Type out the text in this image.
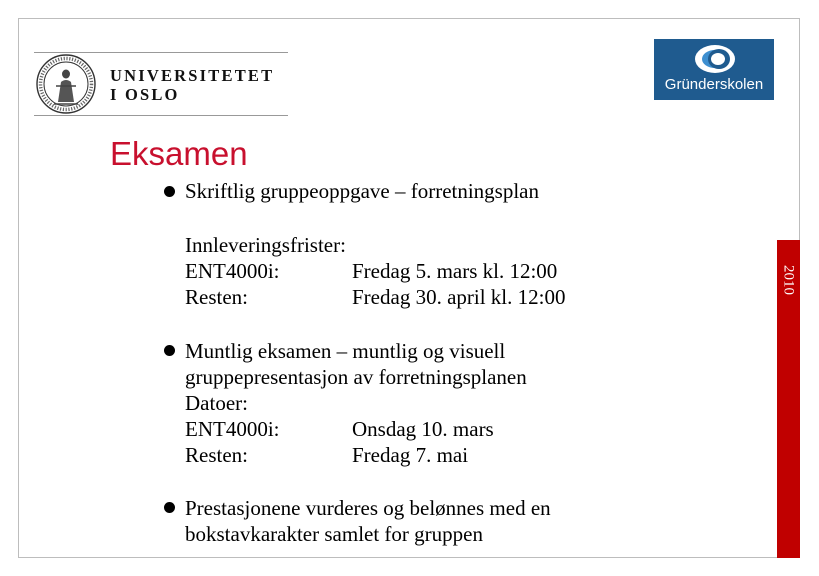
UNIVERSITETET
I OSLO
Gründerskolen
Eksamen
2010
Skriftlig gruppeoppgave – forretningsplan
Innleveringsfrister:
ENT4000i:	Fredag 5. mars kl. 12:00
Resten:	Fredag 30. april kl. 12:00
Muntlig eksamen – muntlig og visuell
gruppepresentasjon av forretningsplanen
Datoer:
ENT4000i:	Onsdag 10. mars
Resten:	Fredag 7. mai
Prestasjonene vurderes og belønnes med en
bokstavkarakter samlet for gruppen
